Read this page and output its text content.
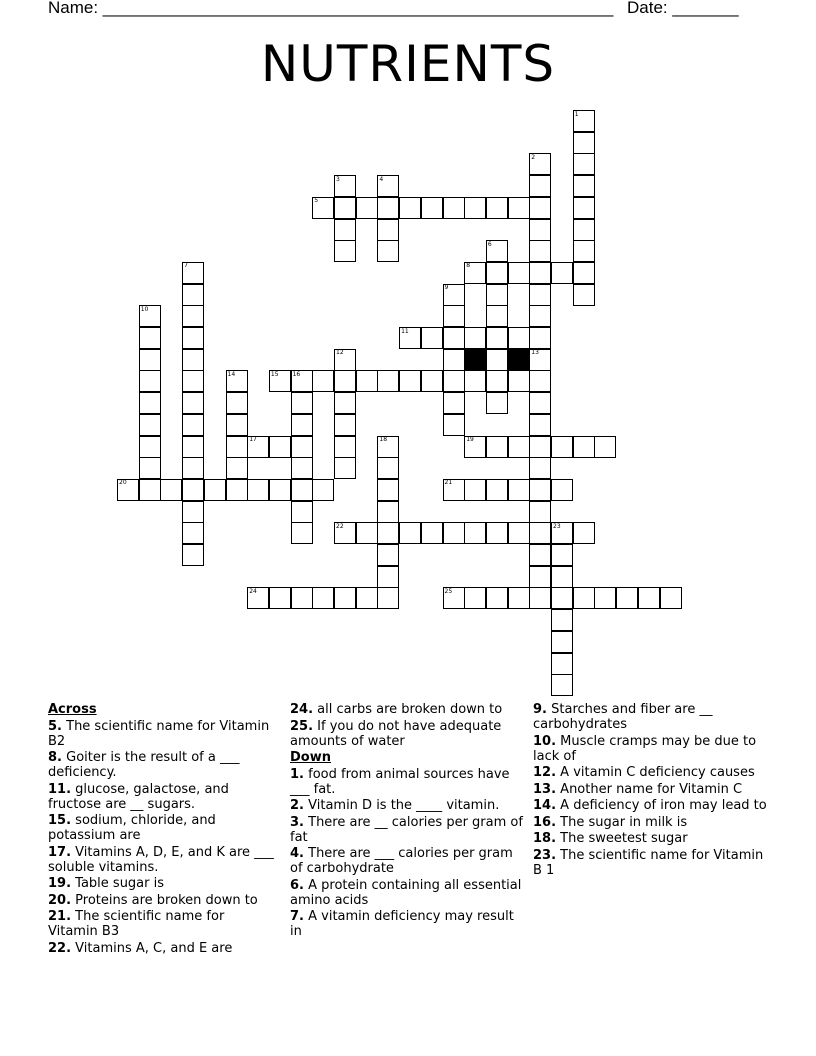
Name: ______________________________________________________ Date: _______
NUTRIENTS
1
2
3	4
5
6
7	8
9
10
11
12	13
14	15 16
17	18	19
20	21
22	23
24	25
Across
5. The scientific name for Vitamin B2
8. Goiter is the result of a ___ deficiency.
11. glucose, galactose, and fructose are __ sugars.
15. sodium, chloride, and potassium are
17. Vitamins A, D, E, and K are ___ soluble vitamins.
19. Table sugar is
20. Proteins are broken down to
21. The scientific name for Vitamin B3
22. Vitamins A, C, and E are
24. all carbs are broken down to
25. If you do not have adequate amounts of water
Down
1. food from animal sources have ___ fat.
2. Vitamin D is the ____ vitamin.
3. There are __ calories per gram of fat
4. There are ___ calories per gram of carbohydrate
6. A protein containing all essential amino acids
7. A vitamin deficiency may result in
9. Starches and fiber are __ carbohydrates
10. Muscle cramps may be due to lack of
12. A vitamin C deficiency causes
13. Another name for Vitamin C
14. A deficiency of iron may lead to
16. The sugar in milk is
18. The sweetest sugar
23. The scientific name for Vitamin B 1
